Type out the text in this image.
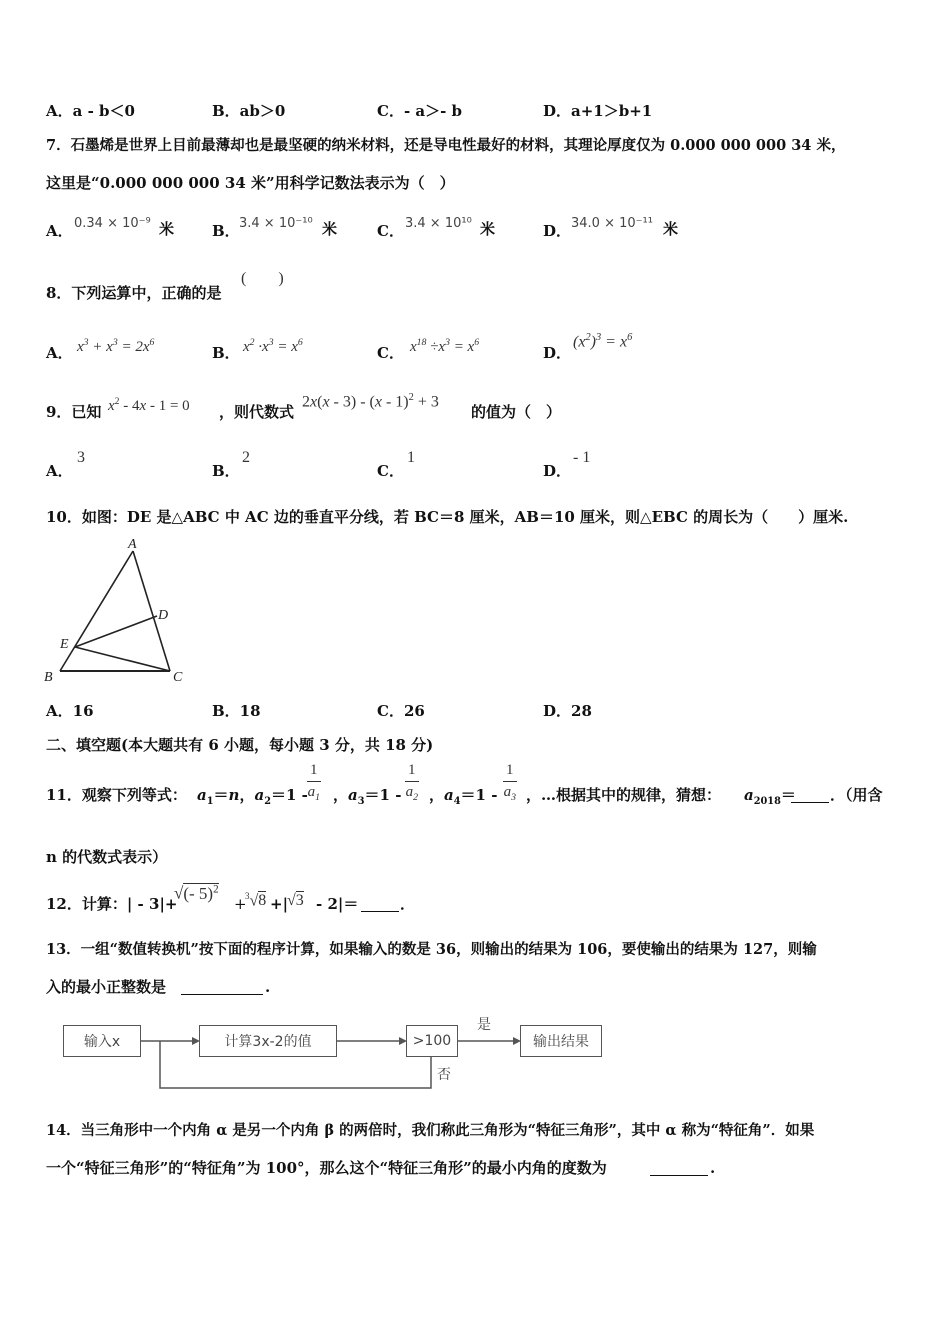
A．a - b＜0	B．ab＞0	C．- a＞- b	D．a+1＞b+1
7．石墨烯是世界上目前最薄却也是最坚硬的纳米材料，还是导电性最好的材料，其理论厚度仅为 0.000 000 000 34 米，
这里是“0.000 000 000 34 米”用科学记数法表示为（　）
A． 0.34 × 10⁻⁹ 米	B． 3.4 × 10⁻¹⁰ 米	C． 3.4 × 10¹⁰ 米	D． 34.0 × 10⁻¹¹ 米
8．下列运算中，正确的是
(　　)
A． $x^3 + x^3 = 2x^6$
B． $x^2 \cdot x^3 = x^6$
C． $x^{18} \div x^3 = x^6$
D．
$(x^2)^3 = x^6$
9．已知 $x^2 - 4x - 1 = 0$ ，则代数式
2x(x - 3) - (x - 1)$^2$ + 3
的值为（　）
A．
3
B．
2
C．
1
D．
- 1
10．如图：DE 是△ABC 中 AC 边的垂直平分线，若 BC＝8 厘米，AB＝10 厘米，则△EBC 的周长为（　　）厘米.
A
D
E
B	C
A．16	B．18	C．26	D．28
二、填空题(本大题共有 6 小题，每小题 3 分，共 18 分)
11．观察下列等式： $a_1=n$，$a_2=1 - \frac{1}{a_1}$ ，$a_3=1 - \frac{1}{a_2}$ ，$a_4=1 - \frac{1}{a_3}$ ，…根据其中的规律，猜想： $a_{2018}=$ ．（用含
n 的代数式表示）
12．计算：| - 3|+
√(- 5)$^2$
+
$^3$√8 +|
√3 - 2|＝	．
13．一组“数值转换机”按下面的程序计算，如果输入的数是 36，则输出的结果为 106，要使输出的结果为 127，则输
入的最小正整数是	.
输入x	计算3x-2的值	>100	输出结果
是
否
14．当三角形中一个内角 α 是另一个内角 β 的两倍时，我们称此三角形为“特征三角形”，其中 α 称为“特征角”．如果
一个“特征三角形”的“特征角”为 100°，那么这个“特征三角形”的最小内角的度数为	.
